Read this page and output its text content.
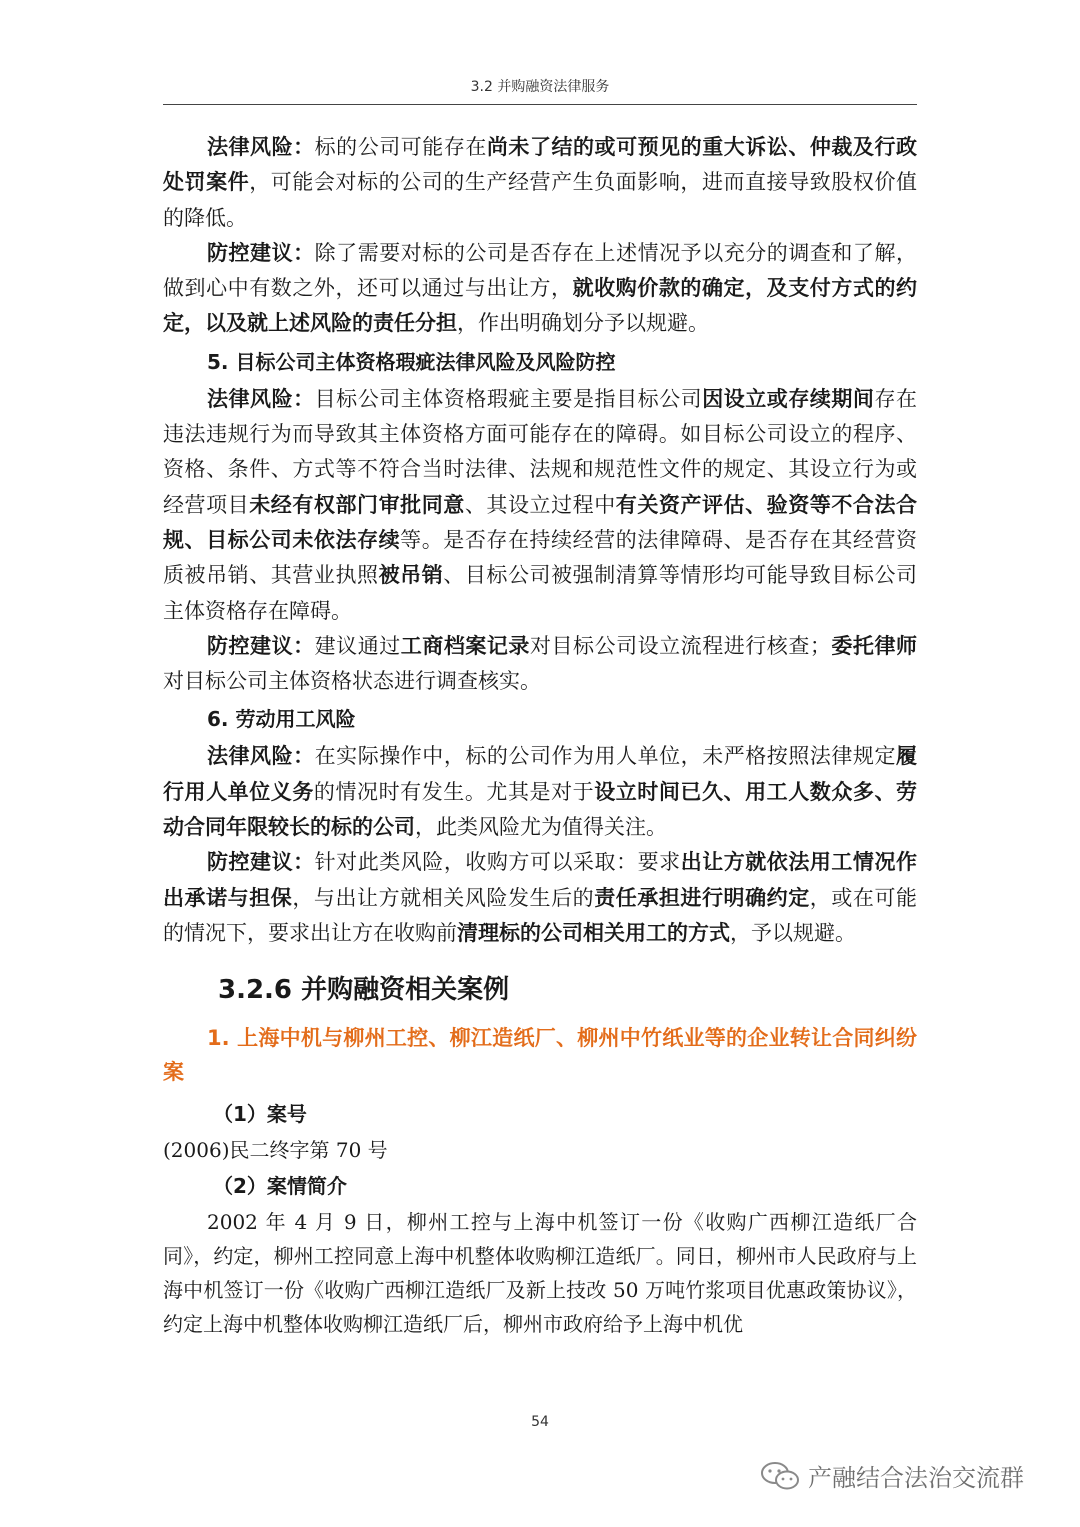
3.2 并购融资法律服务

法律风险：标的公司可能存在尚未了结的或可预见的重大诉讼、仲裁及行政处罚案件，可能会对标的公司的生产经营产生负面影响，进而直接导致股权价值的降低。

防控建议：除了需要对标的公司是否存在上述情况予以充分的调查和了解，做到心中有数之外，还可以通过与出让方，就收购价款的确定，及支付方式的约定，以及就上述风险的责任分担，作出明确划分予以规避。

5. 目标公司主体资格瑕疵法律风险及风险防控

法律风险：目标公司主体资格瑕疵主要是指目标公司因设立或存续期间存在违法违规行为而导致其主体资格方面可能存在的障碍。如目标公司设立的程序、资格、条件、方式等不符合当时法律、法规和规范性文件的规定、其设立行为或经营项目未经有权部门审批同意、其设立过程中有关资产评估、验资等不合法合规、目标公司未依法存续等。是否存在持续经营的法律障碍、是否存在其经营资质被吊销、其营业执照被吊销、目标公司被强制清算等情形均可能导致目标公司主体资格存在障碍。

防控建议：建议通过工商档案记录对目标公司设立流程进行核查；委托律师对目标公司主体资格状态进行调查核实。

6. 劳动用工风险

法律风险：在实际操作中，标的公司作为用人单位，未严格按照法律规定履行用人单位义务的情况时有发生。尤其是对于设立时间已久、用工人数众多、劳动合同年限较长的标的公司，此类风险尤为值得关注。

防控建议：针对此类风险，收购方可以采取：要求出让方就依法用工情况作出承诺与担保，与出让方就相关风险发生后的责任承担进行明确约定，或在可能的情况下，要求出让方在收购前清理标的公司相关用工的方式，予以规避。

3.2.6 并购融资相关案例

1. 上海中机与柳州工控、柳江造纸厂、柳州中竹纸业等的企业转让合同纠纷案

（1）案号

(2006)民二终字第 70 号

（2）案情简介

2002 年 4 月 9 日，柳州工控与上海中机签订一份《收购广西柳江造纸厂合同》，约定，柳州工控同意上海中机整体收购柳江造纸厂。同日，柳州市人民政府与上海中机签订一份《收购广西柳江造纸厂及新上技改 50 万吨竹浆项目优惠政策协议》，约定上海中机整体收购柳江造纸厂后，柳州市政府给予上海中机优

54
产融结合法治交流群
